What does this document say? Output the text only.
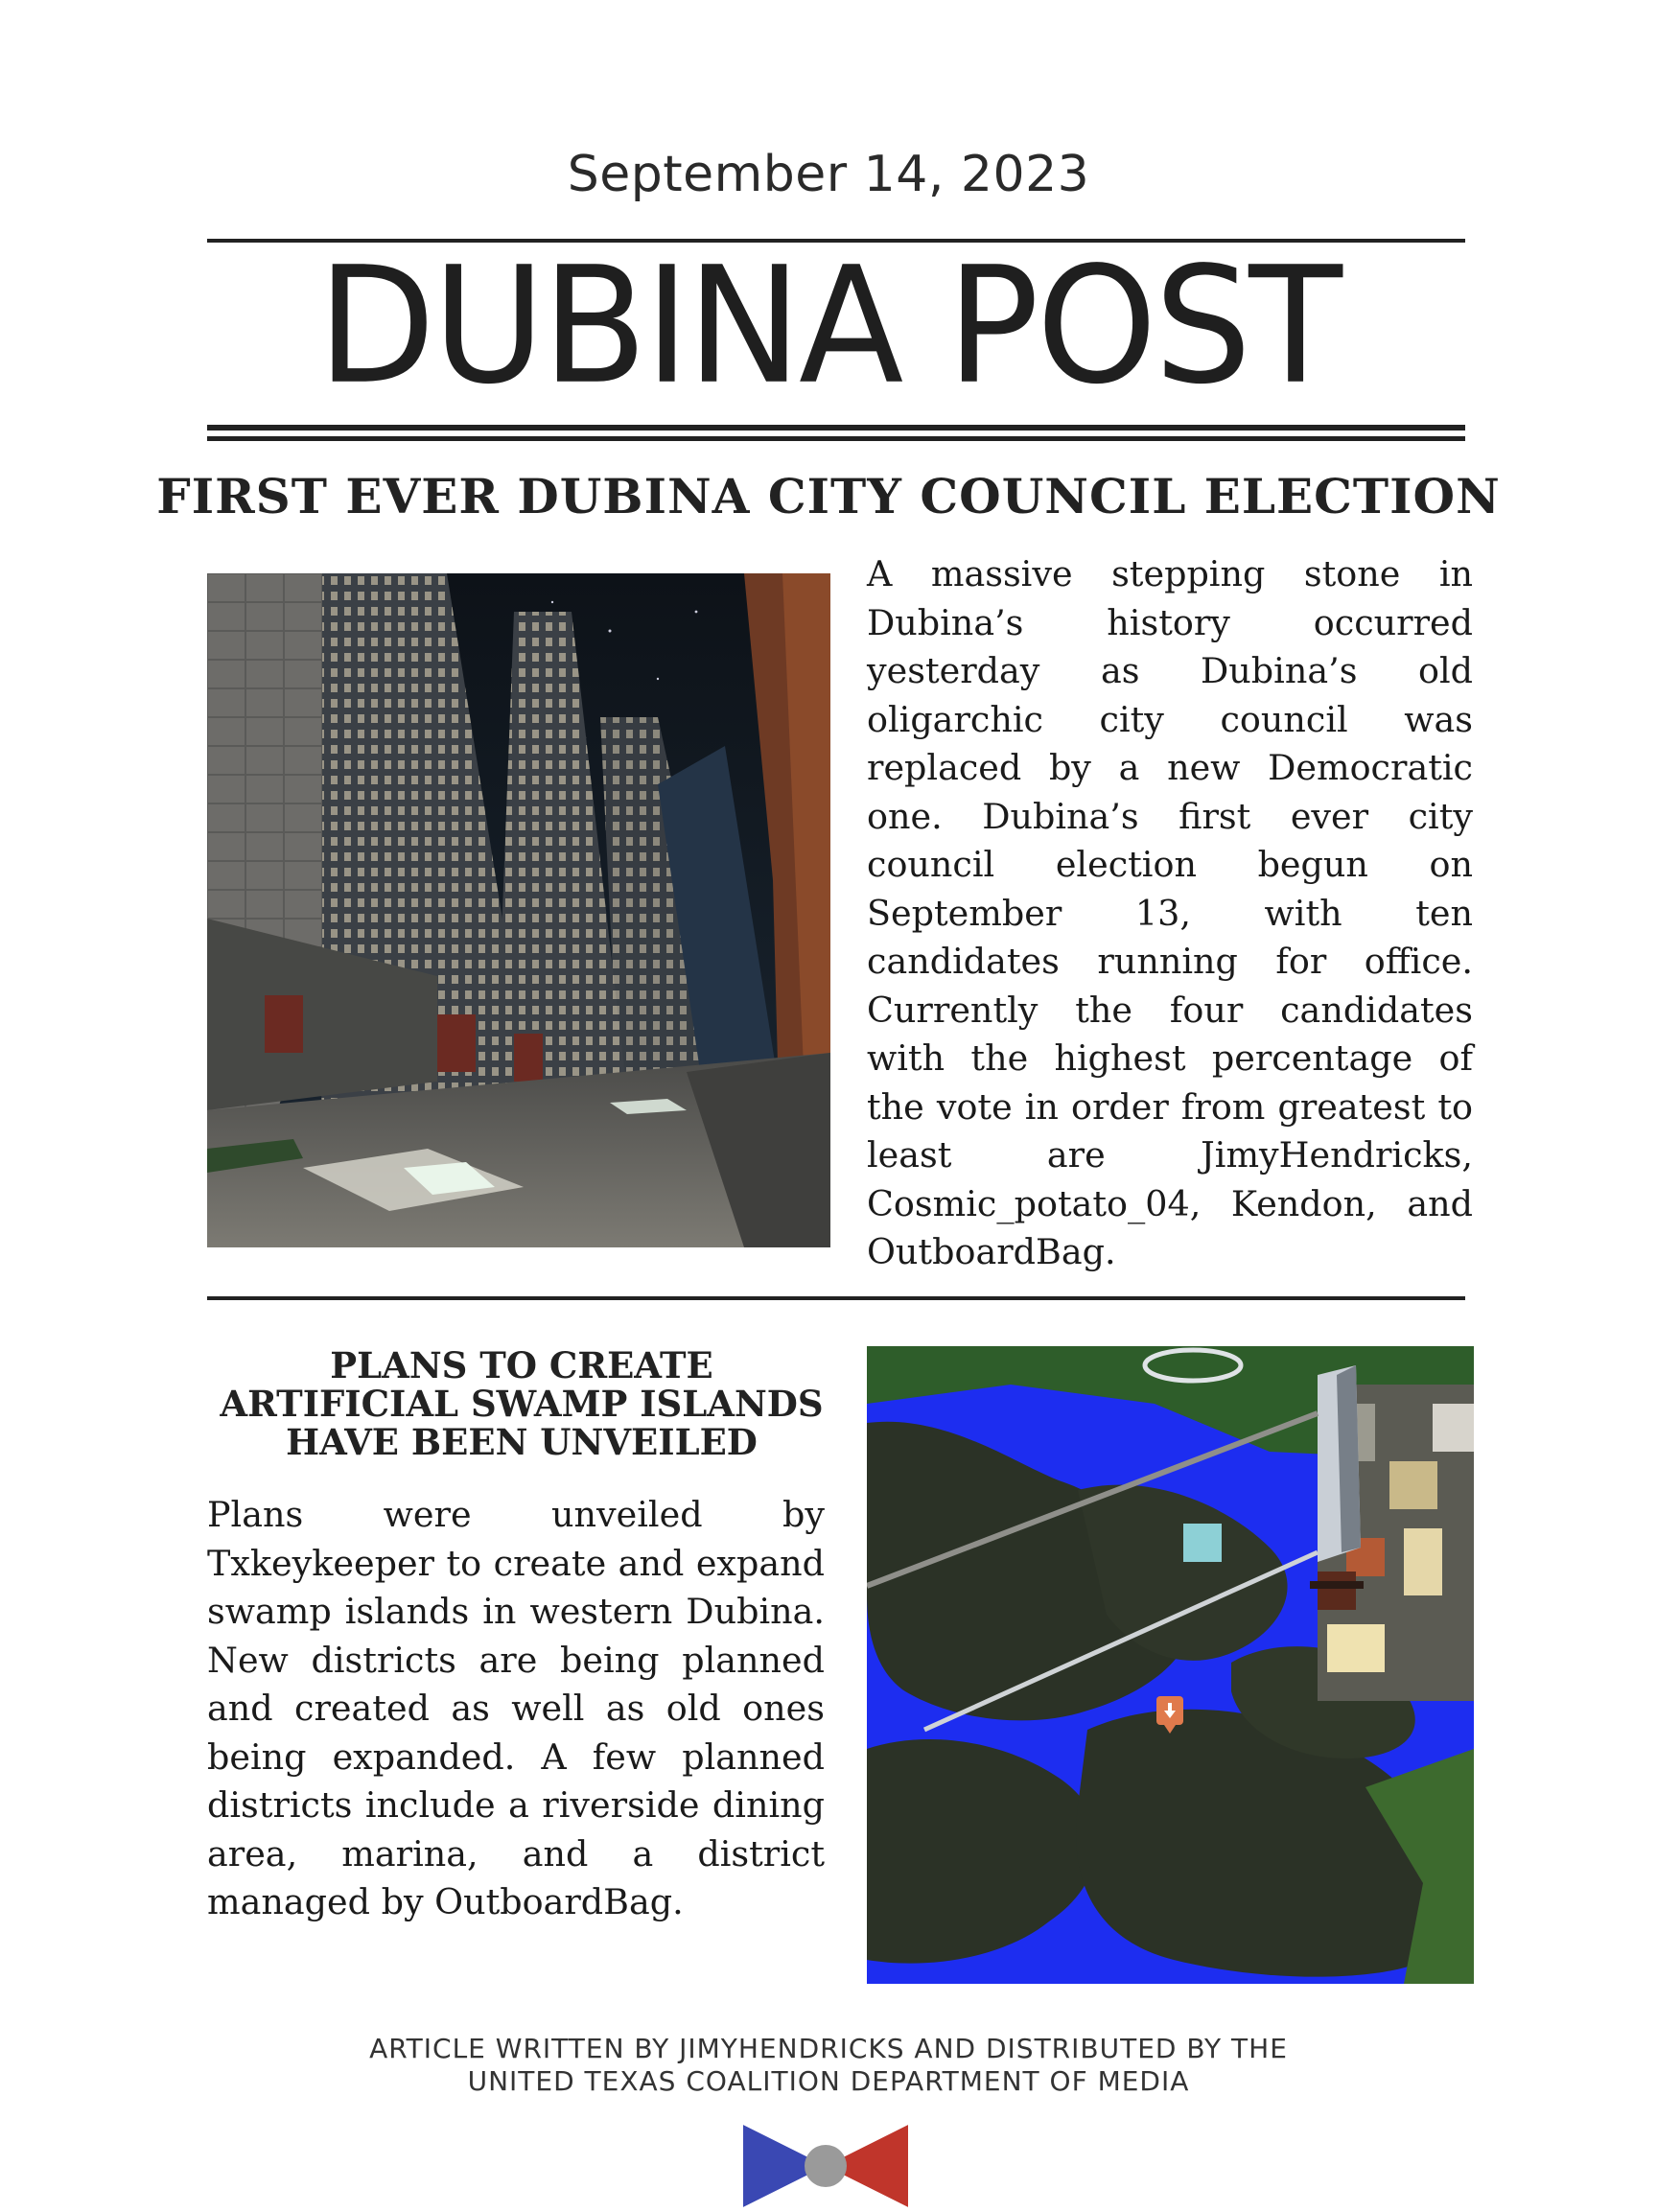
September 14, 2023
DUBINA POST
FIRST EVER DUBINA CITY COUNCIL ELECTION

A massive stepping stone in Dubina’s history occurred yesterday as Dubina’s old oligarchic city council was replaced by a new Democratic one. Dubina’s first ever city council election begun on September 13, with ten candidates running for office. Currently the four candidates with the highest percentage of the vote in order from greatest to least are JimyHendricks, Cosmic_potato_04, Kendon, and OutboardBag.

PLANS TO CREATE
ARTIFICIAL SWAMP ISLANDS
HAVE BEEN UNVEILED

Plans were unveiled by Txkeykeeper to create and expand swamp islands in western Dubina. New districts are being planned and created as well as old ones being expanded. A few planned districts include a riverside dining area, marina, and a district managed by OutboardBag.

ARTICLE WRITTEN BY JIMYHENDRICKS AND DISTRIBUTED BY THE
UNITED TEXAS COALITION DEPARTMENT OF MEDIA
